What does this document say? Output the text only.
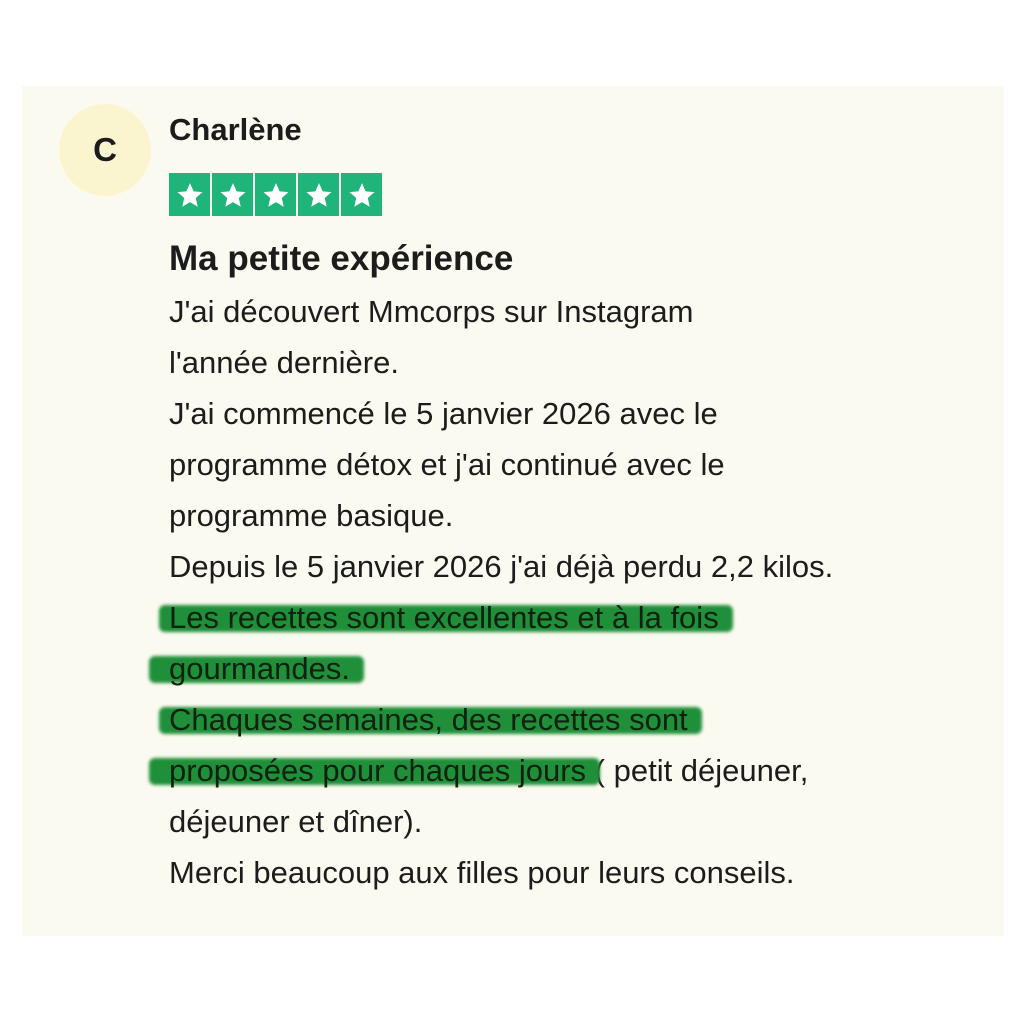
C
Charlène
Ma petite expérience
J'ai découvert Mmcorps sur Instagram
l'année dernière.
J'ai commencé le 5 janvier 2026 avec le
programme détox et j'ai continué avec le
programme basique.
Depuis le 5 janvier 2026 j'ai déjà perdu 2,2 kilos.
Les recettes sont excellentes et à la fois
gourmandes.
Chaques semaines, des recettes sont
proposées pour chaques jours ( petit déjeuner,
déjeuner et dîner).
Merci beaucoup aux filles pour leurs conseils.
